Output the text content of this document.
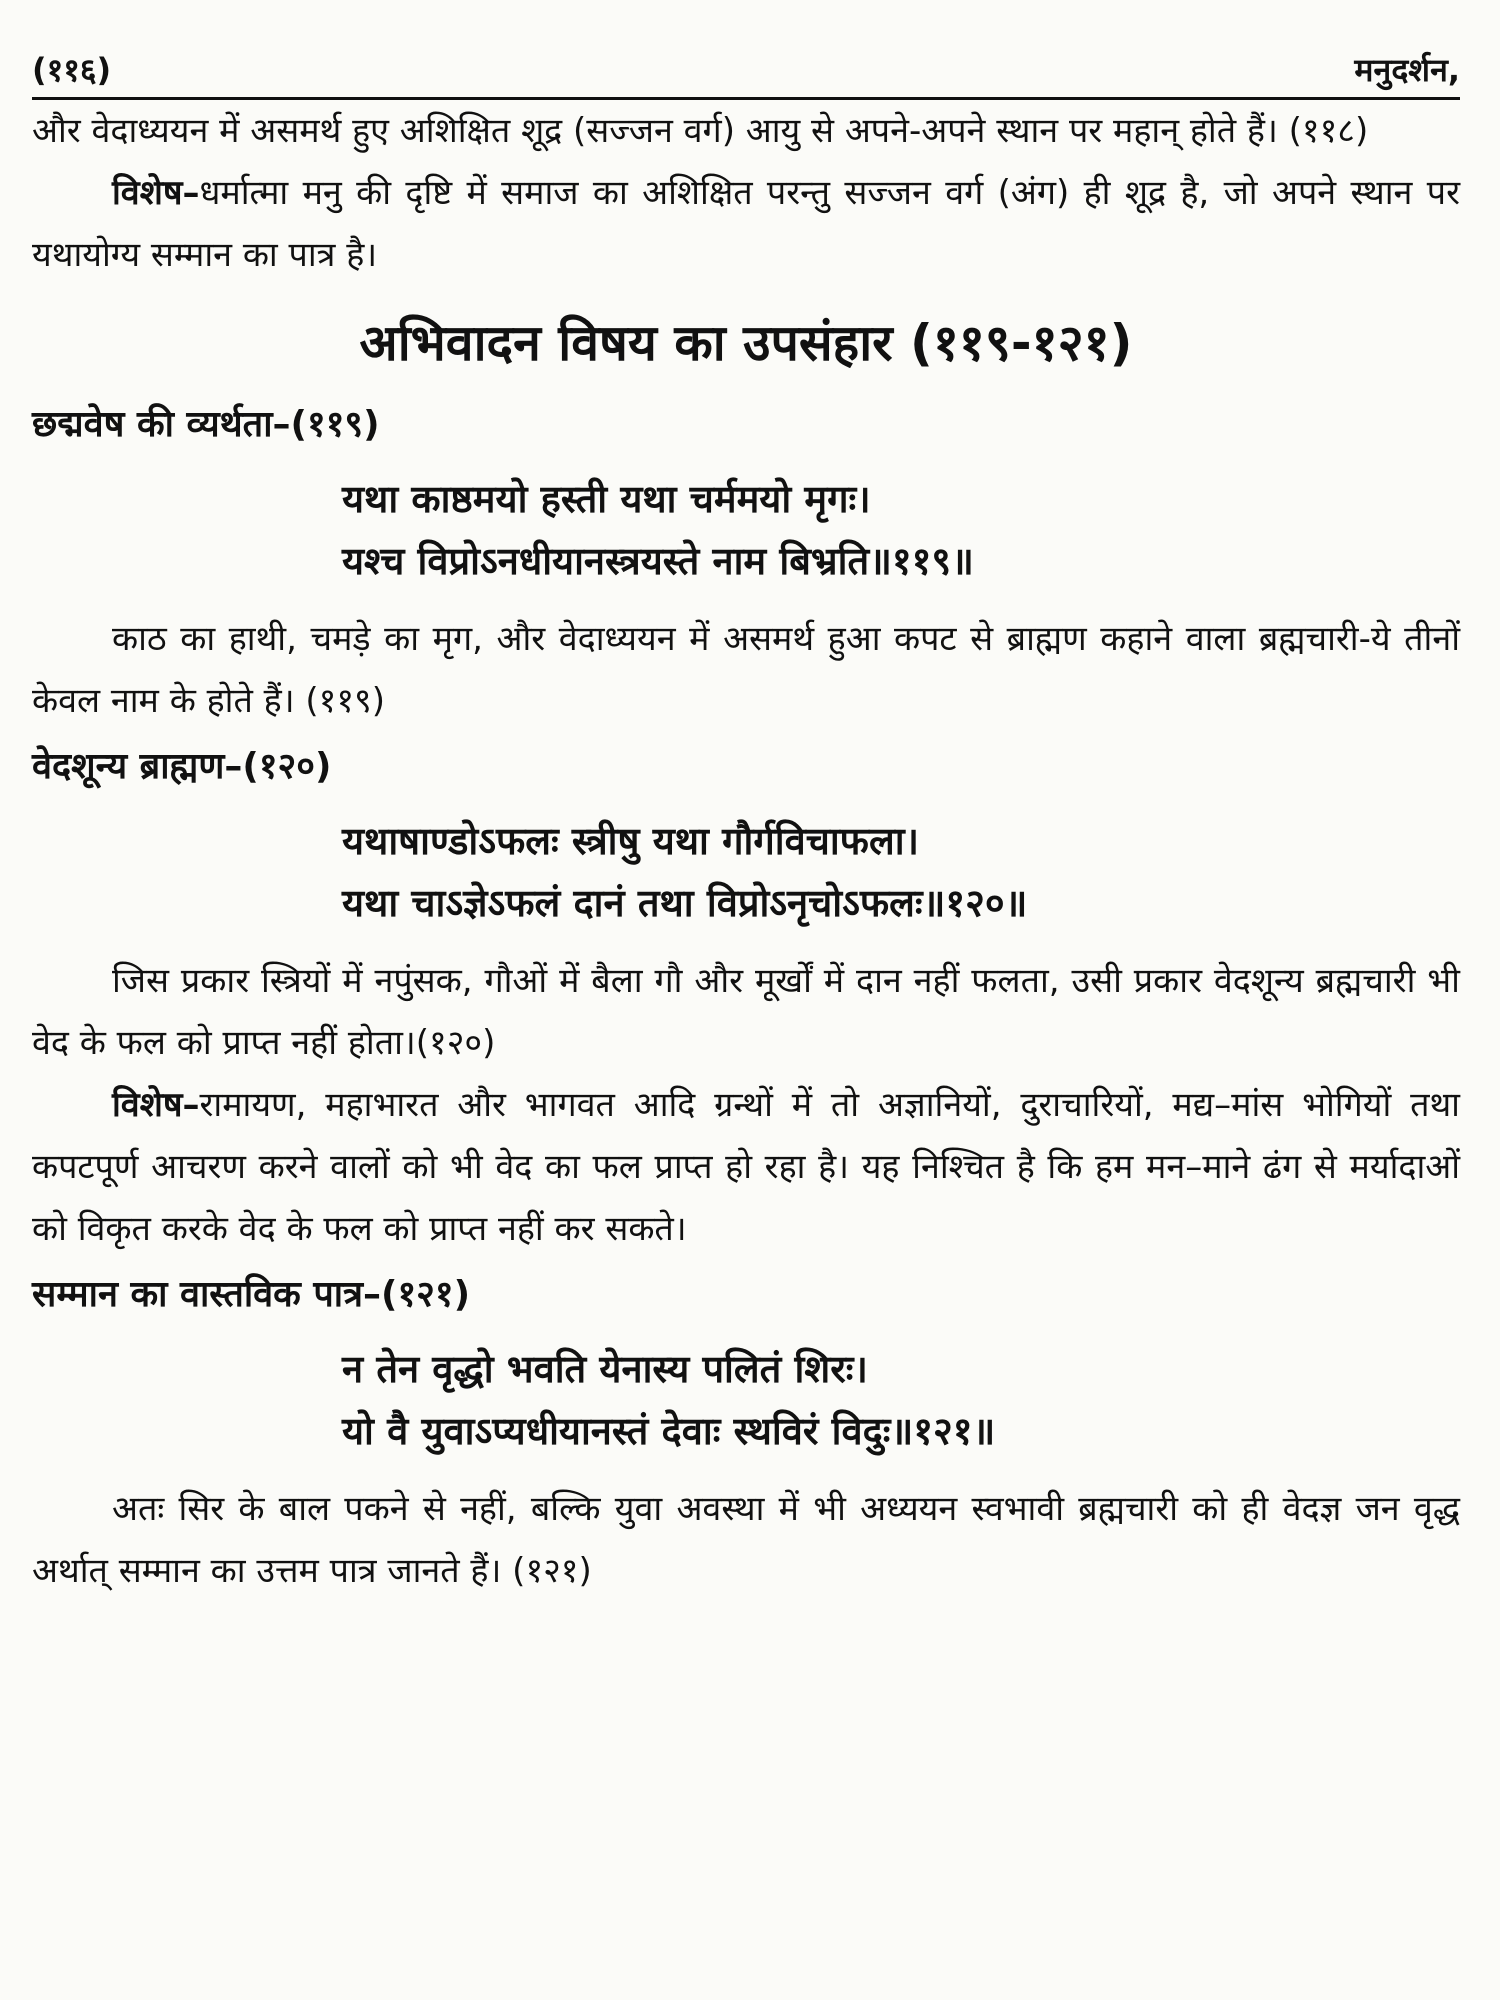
(११६)	मनुदर्शन,

और वेदाध्ययन में असमर्थ हुए अशिक्षित शूद्र (सज्जन वर्ग) आयु से अपने-अपने स्थान पर महान् होते हैं। (११८)

विशेष–धर्मात्मा मनु की दृष्टि में समाज का अशिक्षित परन्तु सज्जन वर्ग (अंग) ही शूद्र है, जो अपने स्थान पर यथायोग्य सम्मान का पात्र है।

अभिवादन विषय का उपसंहार (११९-१२१)
छद्मवेष की व्यर्थता–(११९)
यथा काष्ठमयो हस्ती यथा चर्ममयो मृगः।
यश्च विप्रोऽनधीयानस्त्रयस्ते नाम बिभ्रति॥११९॥

काठ का हाथी, चमड़े का मृग, और वेदाध्ययन में असमर्थ हुआ कपट से ब्राह्मण कहाने वाला ब्रह्मचारी-ये तीनों केवल नाम के होते हैं। (११९)

वेदशून्य ब्राह्मण–(१२०)
यथाषाण्डोऽफलः स्त्रीषु यथा गौर्गविचाफला।
यथा चाऽज्ञेऽफलं दानं तथा विप्रोऽनृचोऽफलः॥१२०॥

जिस प्रकार स्त्रियों में नपुंसक, गौओं में बैला गौ और मूर्खों में दान नहीं फलता, उसी प्रकार वेदशून्य ब्रह्मचारी भी वेद के फल को प्राप्त नहीं होता।(१२०)

विशेष–रामायण, महाभारत और भागवत आदि ग्रन्थों में तो अज्ञानियों, दुराचारियों, मद्य–मांस भोगियों तथा कपटपूर्ण आचरण करने वालों को भी वेद का फल प्राप्त हो रहा है। यह निश्चित है कि हम मन–माने ढंग से मर्यादाओं को विकृत करके वेद के फल को प्राप्त नहीं कर सकते।

सम्मान का वास्तविक पात्र–(१२१)
न तेन वृद्धो भवति येनास्य पलितं शिरः।
यो वै युवाऽप्यधीयानस्तं देवाः स्थविरं विदुः॥१२१॥

अतः सिर के बाल पकने से नहीं, बल्कि युवा अवस्था में भी अध्ययन स्वभावी ब्रह्मचारी को ही वेदज्ञ जन वृद्ध अर्थात् सम्मान का उत्तम पात्र जानते हैं। (१२१)
